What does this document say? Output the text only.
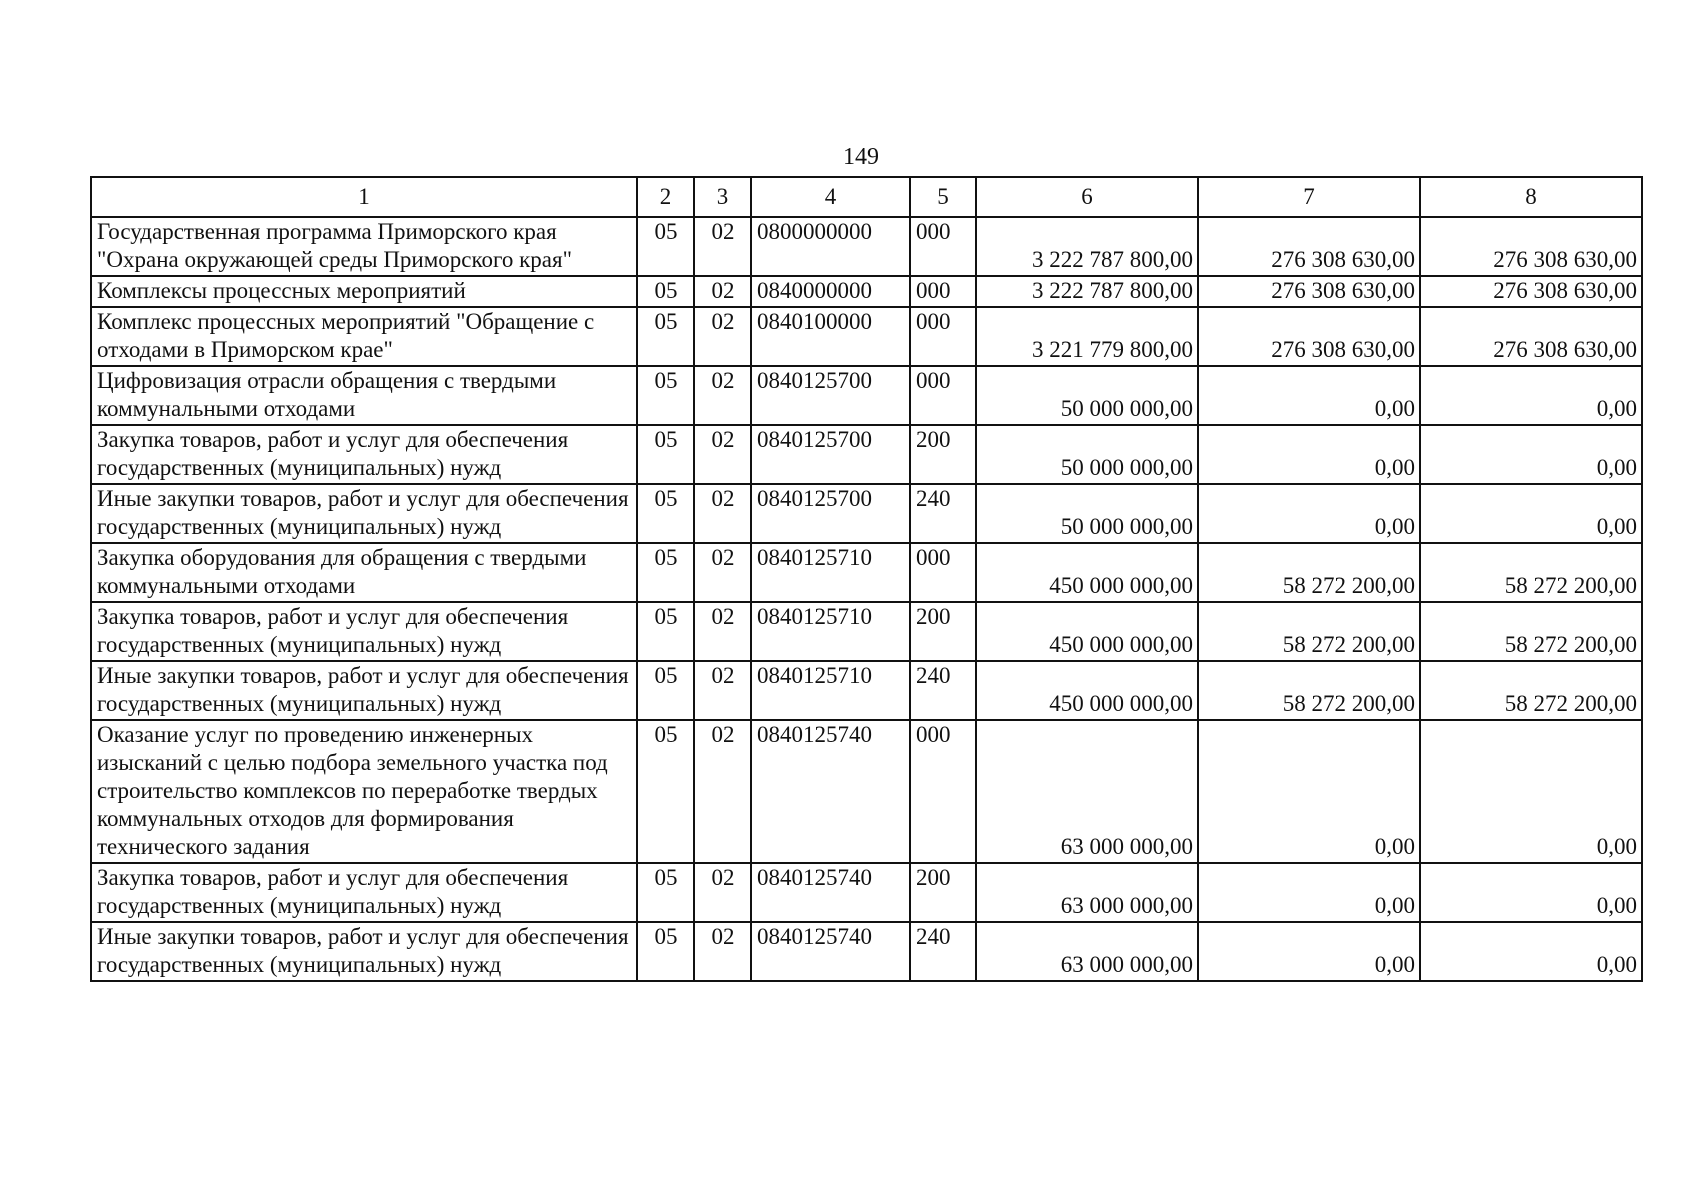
149
1	2	3	4	5	6	7	8
Государственная программа Приморского края "Охрана окружающей среды Приморского края"	05	02	0800000000	000	3 222 787 800,00	276 308 630,00	276 308 630,00
Комплексы процессных мероприятий	05	02	0840000000	000	3 222 787 800,00	276 308 630,00	276 308 630,00
Комплекс процессных мероприятий "Обращение с отходами в Приморском крае"	05	02	0840100000	000	3 221 779 800,00	276 308 630,00	276 308 630,00
Цифровизация отрасли обращения с твердыми коммунальными отходами	05	02	0840125700	000	50 000 000,00	0,00	0,00
Закупка товаров, работ и услуг для обеспечения государственных (муниципальных) нужд	05	02	0840125700	200	50 000 000,00	0,00	0,00
Иные закупки товаров, работ и услуг для обеспечения государственных (муниципальных) нужд	05	02	0840125700	240	50 000 000,00	0,00	0,00
Закупка оборудования для обращения с твердыми коммунальными отходами	05	02	0840125710	000	450 000 000,00	58 272 200,00	58 272 200,00
Закупка товаров, работ и услуг для обеспечения государственных (муниципальных) нужд	05	02	0840125710	200	450 000 000,00	58 272 200,00	58 272 200,00
Иные закупки товаров, работ и услуг для обеспечения государственных (муниципальных) нужд	05	02	0840125710	240	450 000 000,00	58 272 200,00	58 272 200,00
Оказание услуг по проведению инженерных изысканий с целью подбора земельного участка под строительство комплексов по переработке твердых коммунальных отходов для формирования технического задания	05	02	0840125740	000	63 000 000,00	0,00	0,00
Закупка товаров, работ и услуг для обеспечения государственных (муниципальных) нужд	05	02	0840125740	200	63 000 000,00	0,00	0,00
Иные закупки товаров, работ и услуг для обеспечения государственных (муниципальных) нужд	05	02	0840125740	240	63 000 000,00	0,00	0,00
